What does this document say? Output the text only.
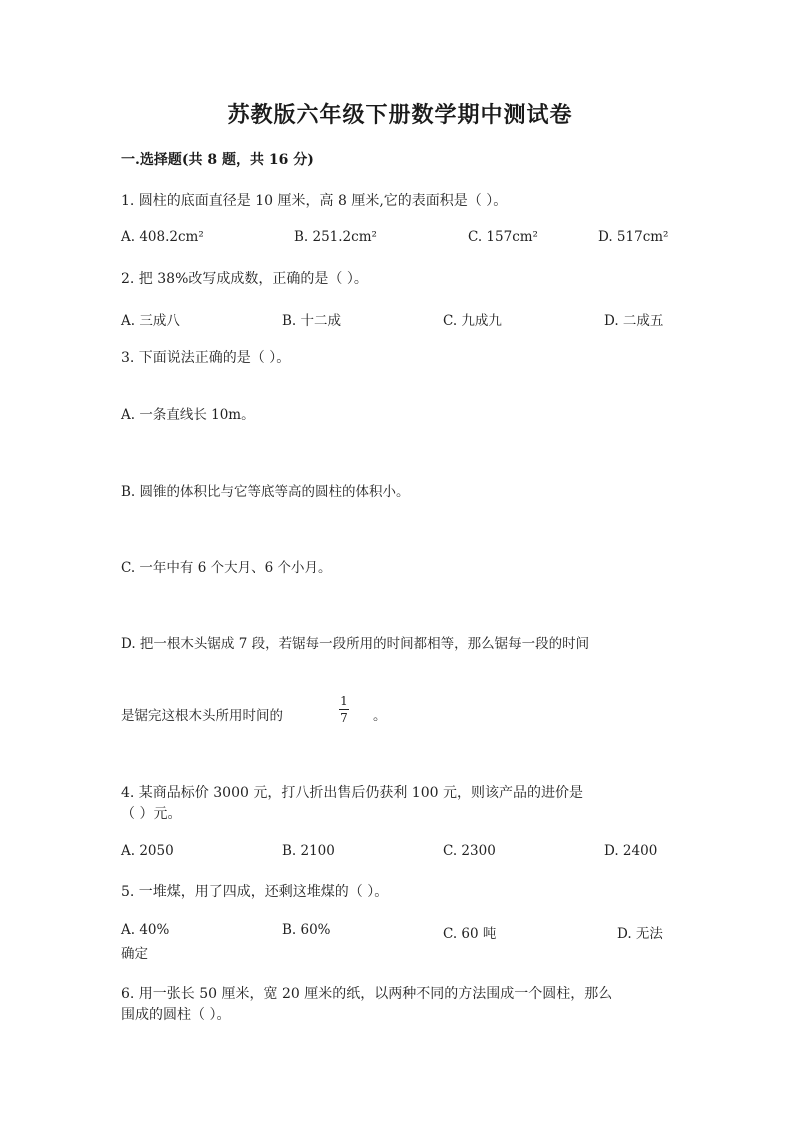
苏教版六年级下册数学期中测试卷
一.选择题(共 8 题，共 16 分)
1. 圆柱的底面直径是 10 厘米，高 8 厘米,它的表面积是（ ）。
A. 408.2cm²	B. 251.2cm²	C. 157cm²	D. 517cm²
2. 把 38%改写成成数，正确的是（ ）。
A. 三成八	B. 十二成	C. 九成九	D. 二成五
3. 下面说法正确的是（ ）。
A. 一条直线长 10m。
B. 圆锥的体积比与它等底等高的圆柱的体积小。
C. 一年中有 6 个大月、6 个小月。
D. 把一根木头锯成 7 段，若锯每一段所用的时间都相等，那么锯每一段的时间
是锯完这根木头所用时间的
1
7 。
4. 某商品标价 3000 元，打八折出售后仍获利 100 元，则该产品的进价是
（ ）元。
A. 2050	B. 2100	C. 2300	D. 2400
5. 一堆煤，用了四成，还剩这堆煤的（ ）。
A. 40%	B. 60%	C. 60 吨	D. 无法
确定
6. 用一张长 50 厘米，宽 20 厘米的纸，以两种不同的方法围成一个圆柱，那么
围成的圆柱（ ）。
